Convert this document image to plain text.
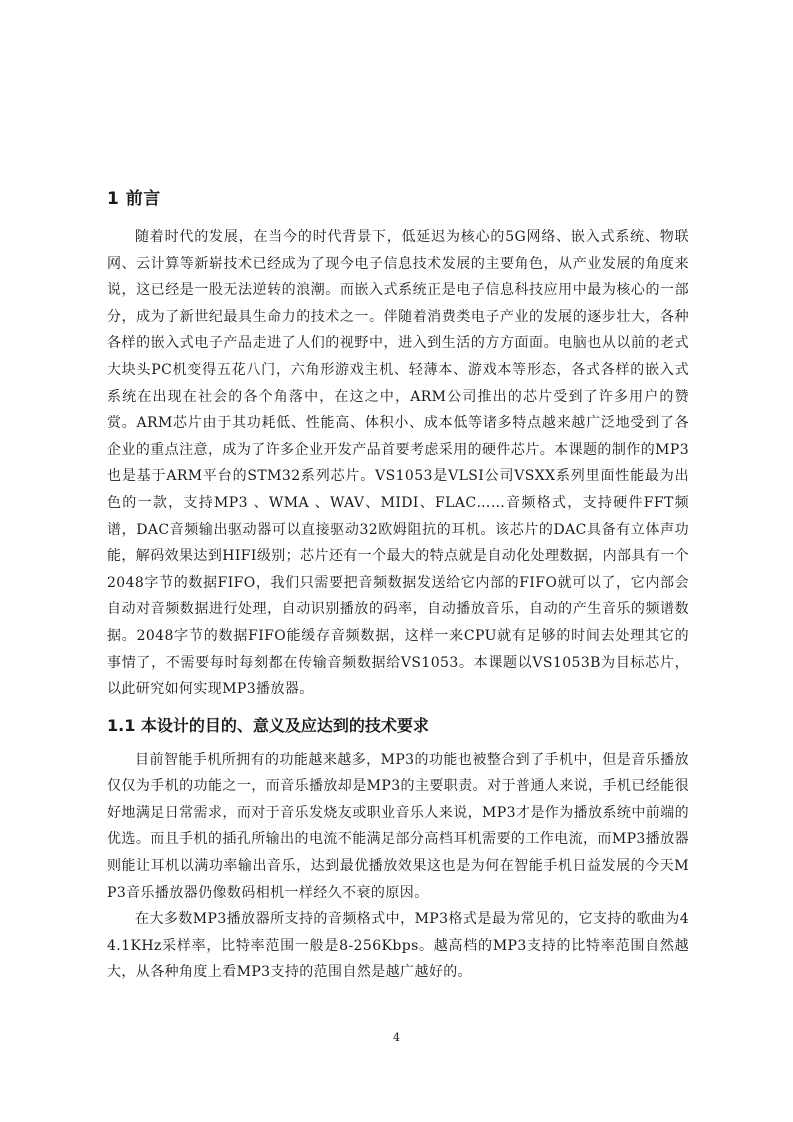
1 前言

随着时代的发展，在当今的时代背景下，低延迟为核心的5G网络、嵌入式系统、物联网、云计算等新崭技术已经成为了现今电子信息技术发展的主要角色，从产业发展的角度来说，这已经是一股无法逆转的浪潮。而嵌入式系统正是电子信息科技应用中最为核心的一部分，成为了新世纪最具生命力的技术之一。伴随着消费类电子产业的发展的逐步壮大，各种各样的嵌入式电子产品走进了人们的视野中，进入到生活的方方面面。电脑也从以前的老式大块头PC机变得五花八门，六角形游戏主机、轻薄本、游戏本等形态，各式各样的嵌入式系统在出现在社会的各个角落中，在这之中，ARM公司推出的芯片受到了许多用户的赞赏。ARM芯片由于其功耗低、性能高、体积小、成本低等诸多特点越来越广泛地受到了各企业的重点注意，成为了许多企业开发产品首要考虑采用的硬件芯片。本课题的制作的MP3也是基于ARM平台的STM32系列芯片。VS1053是VLSI公司VSXX系列里面性能最为出色的一款，支持MP3 、WMA 、WAV、MIDI、FLAC……音频格式，支持硬件FFT频谱，DAC音频输出驱动器可以直接驱动32欧姆阻抗的耳机。该芯片的DAC具备有立体声功能，解码效果达到HIFI级别；芯片还有一个最大的特点就是自动化处理数据，内部具有一个2048字节的数据FIFO，我们只需要把音频数据发送给它内部的FIFO就可以了，它内部会自动对音频数据进行处理，自动识别播放的码率，自动播放音乐，自动的产生音乐的频谱数据。2048字节的数据FIFO能缓存音频数据，这样一来CPU就有足够的时间去处理其它的事情了，不需要每时每刻都在传输音频数据给VS1053。本课题以VS1053B为目标芯片，以此研究如何实现MP3播放器。

1.1 本设计的目的、意义及应达到的技术要求

目前智能手机所拥有的功能越来越多，MP3的功能也被整合到了手机中，但是音乐播放仅仅为手机的功能之一，而音乐播放却是MP3的主要职责。对于普通人来说，手机已经能很好地满足日常需求，而对于音乐发烧友或职业音乐人来说，MP3才是作为播放系统中前端的优选。而且手机的插孔所输出的电流不能满足部分高档耳机需要的工作电流，而MP3播放器则能让耳机以满功率输出音乐，达到最优播放效果这也是为何在智能手机日益发展的今天MP3音乐播放器仍像数码相机一样经久不衰的原因。

在大多数MP3播放器所支持的音频格式中，MP3格式是最为常见的，它支持的歌曲为44.1KHz采样率，比特率范围一般是8-256Kbps。越高档的MP3支持的比特率范围自然越大，从各种角度上看MP3支持的范围自然是越广越好的。

4
